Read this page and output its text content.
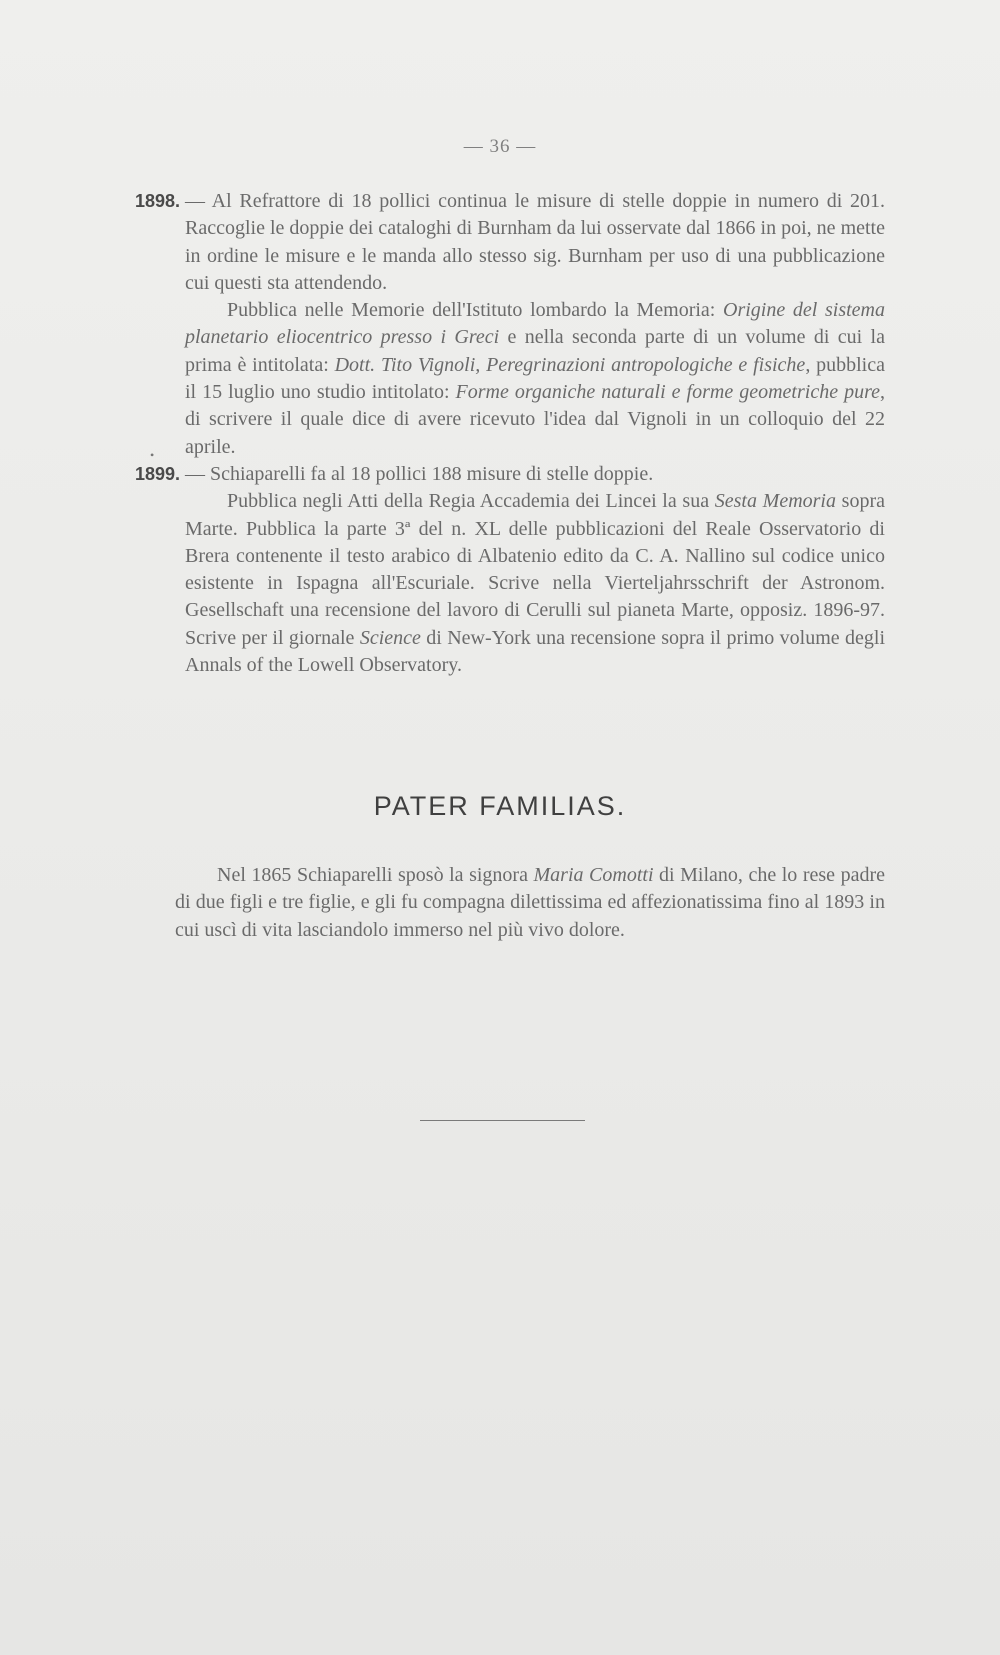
— 36 —
•
1898. — Al Refrattore di 18 pollici continua le misure di stelle doppie in numero di 201. Raccoglie le doppie dei cataloghi di Burnham da lui osservate dal 1866 in poi, ne mette in ordine le misure e le manda allo stesso sig. Burnham per uso di una pubblicazione cui questi sta attendendo.

Pubblica nelle Memorie dell'Istituto lombardo la Memoria: Origine del sistema planetario eliocentrico presso i Greci e nella seconda parte di un volume di cui la prima è intitolata: Dott. Tito Vignoli, Peregrinazioni antropologiche e fisiche, pubblica il 15 luglio uno studio intitolato: Forme organiche naturali e forme geometriche pure, di scrivere il quale dice di avere ricevuto l'idea dal Vignoli in un colloquio del 22 aprile.

1899. — Schiaparelli fa al 18 pollici 188 misure di stelle doppie.

Pubblica negli Atti della Regia Accademia dei Lincei la sua Sesta Memoria sopra Marte. Pubblica la parte 3ª del n. XL delle pubblicazioni del Reale Osservatorio di Brera contenente il testo arabico di Albatenio edito da C. A. Nallino sul codice unico esistente in Ispagna all'Escuriale. Scrive nella Vierteljahrsschrift der Astronom. Gesellschaft una recensione del lavoro di Cerulli sul pianeta Marte, opposiz. 1896-97. Scrive per il giornale Science di New-York una recensione sopra il primo volume degli Annals of the Lowell Observatory.

PATER FAMILIAS.

Nel 1865 Schiaparelli sposò la signora Maria Comotti di Milano, che lo rese padre di due figli e tre figlie, e gli fu compagna dilettissima ed affezionatissima fino al 1893 in cui uscì di vita lasciandolo immerso nel più vivo dolore.
